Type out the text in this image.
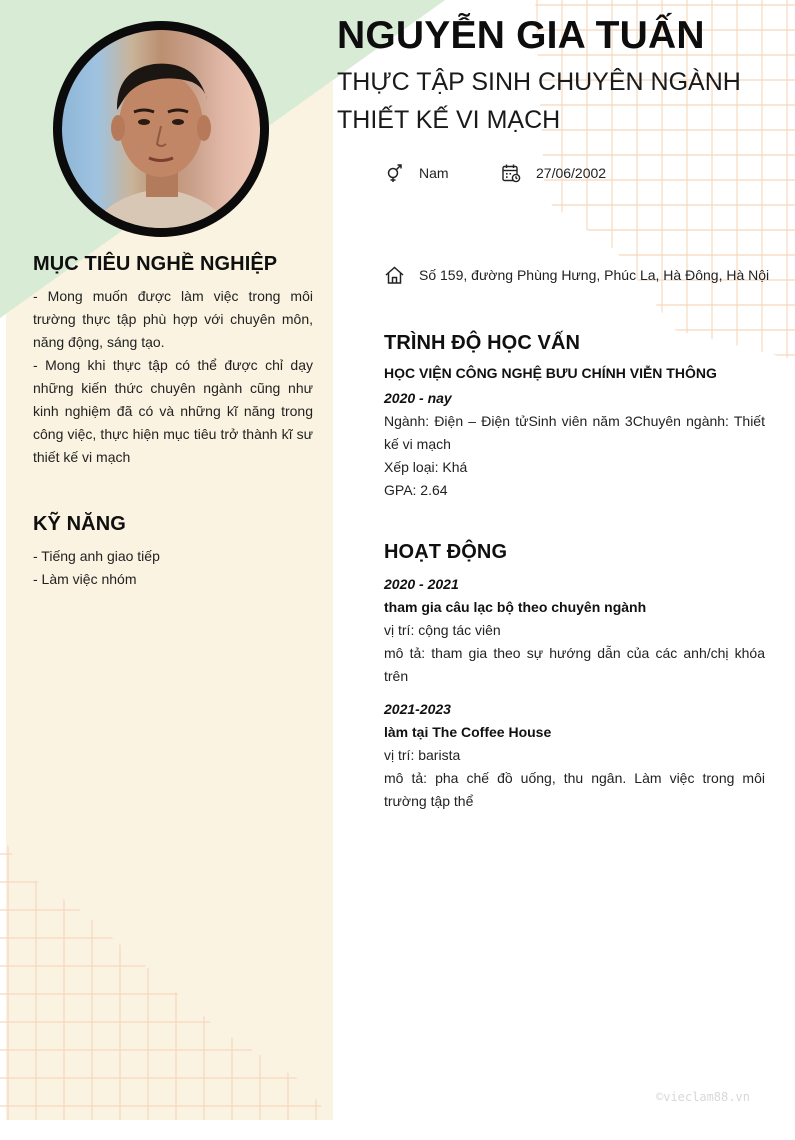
NGUYỄN GIA TUẤN
THỰC TẬP SINH CHUYÊN NGÀNH
THIẾT KẾ VI MẠCH
Nam	27/06/2002
Số 159, đường Phùng Hưng, Phúc La, Hà Đông, Hà Nội
MỤC TIÊU NGHỀ NGHIỆP

- Mong muốn được làm việc trong môi trường thực tập phù hợp với chuyên môn, năng động, sáng tạo.

- Mong khi thực tập có thể được chỉ dạy những kiến thức chuyên ngành cũng như kinh nghiệm đã có và những kĩ năng trong công việc, thực hiện mục tiêu trở thành kĩ sư thiết kế vi mạch

KỸ NĂNG
- Tiếng anh giao tiếp
- Làm việc nhóm
TRÌNH ĐỘ HỌC VẤN
HỌC VIỆN CÔNG NGHỆ BƯU CHÍNH VIỄN THÔNG
2020 - nay
Ngành: Điện – Điện tửSinh viên năm 3Chuyên ngành: Thiết kế vi mạch
Xếp loại: Khá
GPA: 2.64
HOẠT ĐỘNG
2020 - 2021
tham gia câu lạc bộ theo chuyên ngành
vị trí: cộng tác viên
mô tả: tham gia theo sự hướng dẫn của các anh/chị khóa trên
2021-2023
làm tại The Coffee House
vị trí: barista
mô tả: pha chế đồ uống, thu ngân. Làm việc trong môi trường tập thể
©vieclam88.vn
